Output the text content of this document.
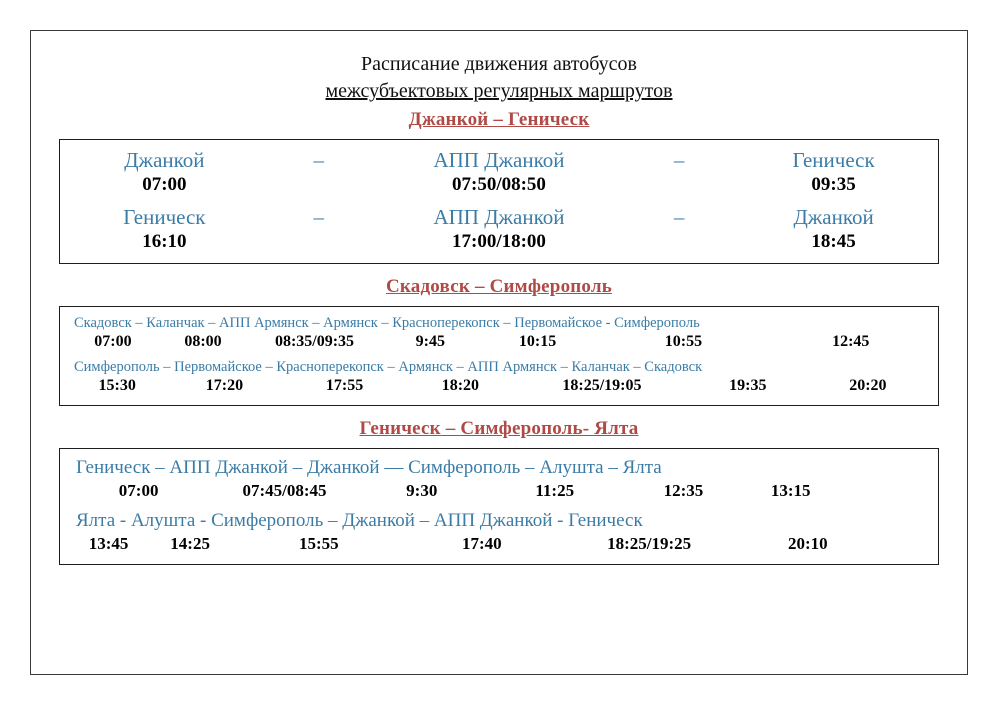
Расписание движения автобусов
межсубъектовых регулярных маршрутов
Джанкой – Геническ
Джанкой	–	АПП Джанкой	–	Геническ
07:00	07:50/08:50	09:35
Геническ	–	АПП Джанкой	–	Джанкой
16:10	17:00/18:00	18:45
Скадовск – Симферополь
Скадовск – Каланчак – АПП Армянск – Армянск – Красноперекопск – Первомайское - Симферополь
07:00	08:00	08:35/09:35	9:45	10:15	10:55	12:45
Симферополь – Первомайское – Красноперекопск – Армянск – АПП Армянск – Каланчак – Скадовск
15:30	17:20	17:55	18:20	18:25/19:05	19:35	20:20
Геническ – Симферополь- Ялта
Геническ – АПП Джанкой – Джанкой — Симферополь – Алушта – Ялта
07:00	07:45/08:45	9:30	11:25	12:35	13:15
Ялта - Алушта - Симферополь – Джанкой – АПП Джанкой - Геническ
13:45	14:25	15:55	17:40	18:25/19:25	20:10
